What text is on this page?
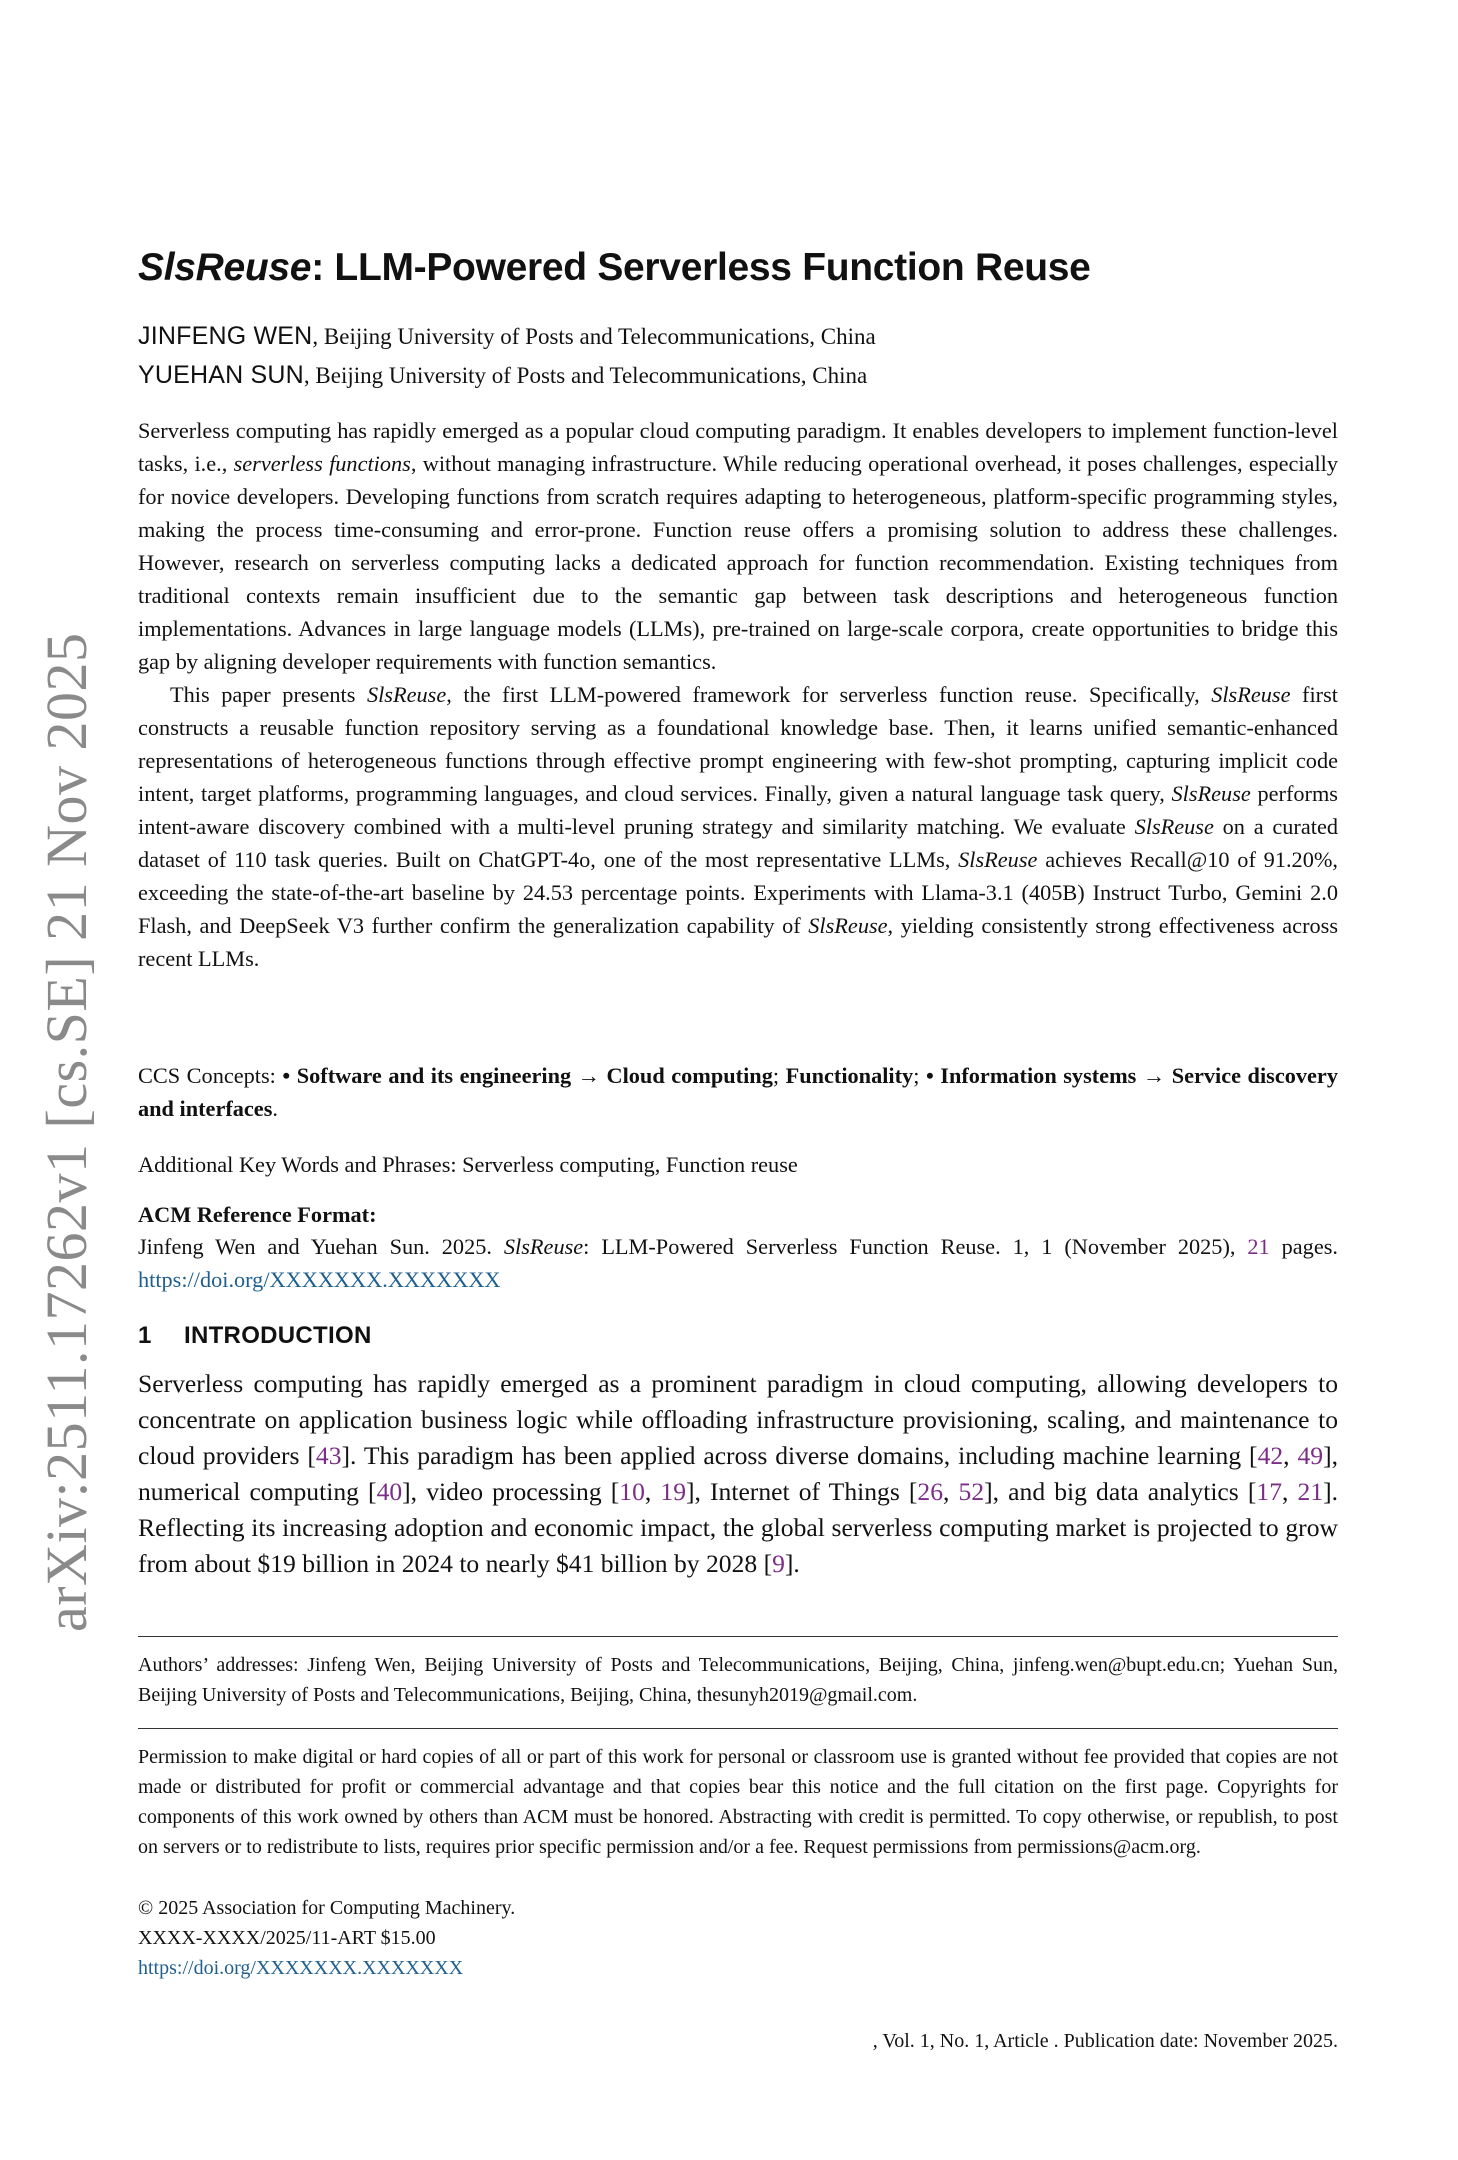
arXiv:2511.17262v1 [cs.SE] 21 Nov 2025
SlsReuse: LLM-Powered Serverless Function Reuse
JINFENG WEN, Beijing University of Posts and Telecommunications, China
YUEHAN SUN, Beijing University of Posts and Telecommunications, China

Serverless computing has rapidly emerged as a popular cloud computing paradigm. It enables developers to implement function-level tasks, i.e., serverless functions, without managing infrastructure. While reducing operational overhead, it poses challenges, especially for novice developers. Developing functions from scratch requires adapting to heterogeneous, platform-specific programming styles, making the process time-consuming and error-prone. Function reuse offers a promising solution to address these challenges. However, research on serverless computing lacks a dedicated approach for function recommendation. Existing techniques from traditional contexts remain insufficient due to the semantic gap between task descriptions and heterogeneous function implementations. Advances in large language models (LLMs), pre-trained on large-scale corpora, create opportunities to bridge this gap by aligning developer requirements with function semantics.

This paper presents SlsReuse, the first LLM-powered framework for serverless function reuse. Specifically, SlsReuse first constructs a reusable function repository serving as a foundational knowledge base. Then, it learns unified semantic-enhanced representations of heterogeneous functions through effective prompt engineering with few-shot prompting, capturing implicit code intent, target platforms, programming languages, and cloud services. Finally, given a natural language task query, SlsReuse performs intent-aware discovery combined with a multi-level pruning strategy and similarity matching. We evaluate SlsReuse on a curated dataset of 110 task queries. Built on ChatGPT-4o, one of the most representative LLMs, SlsReuse achieves Recall@10 of 91.20%, exceeding the state-of-the-art baseline by 24.53 percentage points. Experiments with Llama-3.1 (405B) Instruct Turbo, Gemini 2.0 Flash, and DeepSeek V3 further confirm the generalization capability of SlsReuse, yielding consistently strong effectiveness across recent LLMs.

CCS Concepts: • Software and its engineering → Cloud computing; Functionality; • Information systems → Service discovery and interfaces.
Additional Key Words and Phrases: Serverless computing, Function reuse
ACM Reference Format:
Jinfeng Wen and Yuehan Sun. 2025. SlsReuse: LLM-Powered Serverless Function Reuse. 1, 1 (November 2025), 21 pages. https://doi.org/XXXXXXX.XXXXXXX
1 INTRODUCTION
Serverless computing has rapidly emerged as a prominent paradigm in cloud computing, allowing developers to concentrate on application business logic while offloading infrastructure provisioning, scaling, and maintenance to cloud providers [43]. This paradigm has been applied across diverse domains, including machine learning [42, 49], numerical computing [40], video processing [10, 19], Internet of Things [26, 52], and big data analytics [17, 21]. Reflecting its increasing adoption and economic impact, the global serverless computing market is projected to grow from about $19 billion in 2024 to nearly $41 billion by 2028 [9].
Authors’ addresses: Jinfeng Wen, Beijing University of Posts and Telecommunications, Beijing, China, jinfeng.wen@bupt.edu.cn; Yuehan Sun, Beijing University of Posts and Telecommunications, Beijing, China, thesunyh2019@gmail.com.
Permission to make digital or hard copies of all or part of this work for personal or classroom use is granted without fee provided that copies are not made or distributed for profit or commercial advantage and that copies bear this notice and the full citation on the first page. Copyrights for components of this work owned by others than ACM must be honored. Abstracting with credit is permitted. To copy otherwise, or republish, to post on servers or to redistribute to lists, requires prior specific permission and/or a fee. Request permissions from permissions@acm.org.
© 2025 Association for Computing Machinery.
XXXX-XXXX/2025/11-ART $15.00
https://doi.org/XXXXXXX.XXXXXXX
, Vol. 1, No. 1, Article . Publication date: November 2025.
